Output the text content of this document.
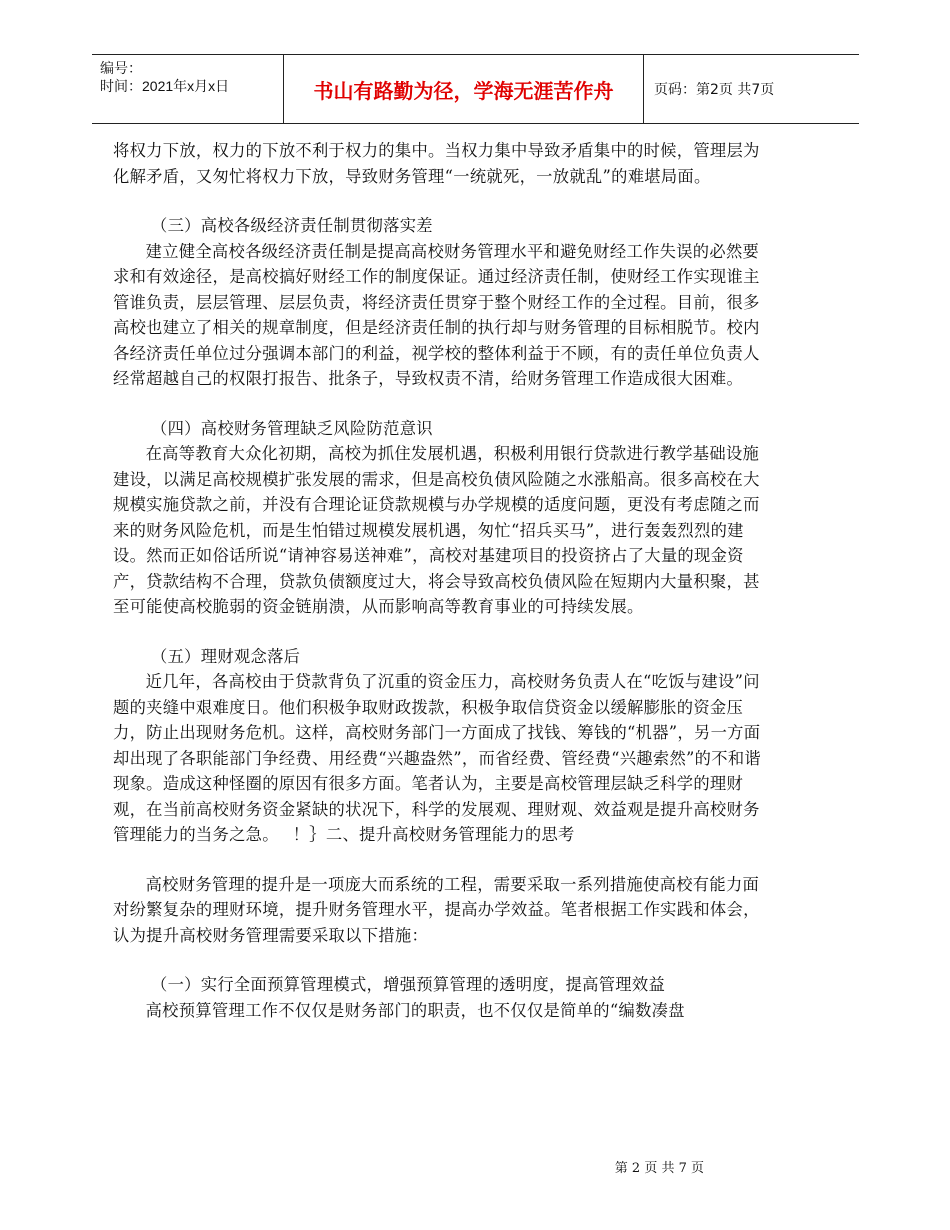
编号：
时间：2021年x月x日	书山有路勤为径，学海无涯苦作舟	页码：第2页 共7页

将权力下放，权力的下放不利于权力的集中。当权力集中导致矛盾集中的时候，管理层为化解矛盾，又匆忙将权力下放，导致财务管理“一统就死，一放就乱”的难堪局面。

（三）高校各级经济责任制贯彻落实差

建立健全高校各级经济责任制是提高高校财务管理水平和避免财经工作失误的必然要求和有效途径，是高校搞好财经工作的制度保证。通过经济责任制，使财经工作实现谁主管谁负责，层层管理、层层负责，将经济责任贯穿于整个财经工作的全过程。目前，很多高校也建立了相关的规章制度，但是经济责任制的执行却与财务管理的目标相脱节。校内各经济责任单位过分强调本部门的利益，视学校的整体利益于不顾，有的责任单位负责人经常超越自己的权限打报告、批条子，导致权责不清，给财务管理工作造成很大困难。

（四）高校财务管理缺乏风险防范意识

在高等教育大众化初期，高校为抓住发展机遇，积极利用银行贷款进行教学基础设施建设，以满足高校规模扩张发展的需求，但是高校负债风险随之水涨船高。很多高校在大规模实施贷款之前，并没有合理论证贷款规模与办学规模的适度问题，更没有考虑随之而来的财务风险危机，而是生怕错过规模发展机遇，匆忙“招兵买马”，进行轰轰烈烈的建设。然而正如俗话所说“请神容易送神难”，高校对基建项目的投资挤占了大量的现金资产，贷款结构不合理，贷款负债额度过大，将会导致高校负债风险在短期内大量积聚，甚至可能使高校脆弱的资金链崩溃，从而影响高等教育事业的可持续发展。

（五）理财观念落后

近几年，各高校由于贷款背负了沉重的资金压力，高校财务负责人在“吃饭与建设”问题的夹缝中艰难度日。他们积极争取财政拨款，积极争取信贷资金以缓解膨胀的资金压力，防止出现财务危机。这样，高校财务部门一方面成了找钱、筹钱的“机器”，另一方面却出现了各职能部门争经费、用经费“兴趣盎然”，而省经费、管经费“兴趣索然”的不和谐现象。造成这种怪圈的原因有很多方面。笔者认为，主要是高校管理层缺乏科学的理财观，在当前高校财务资金紧缺的状况下，科学的发展观、理财观、效益观是提升高校财务管理能力的当务之急。　 ！｝二、提升高校财务管理能力的思考

高校财务管理的提升是一项庞大而系统的工程，需要采取一系列措施使高校有能力面对纷繁复杂的理财环境，提升财务管理水平，提高办学效益。笔者根据工作实践和体会，认为提升高校财务管理需要采取以下措施：

（一）实行全面预算管理模式，增强预算管理的透明度，提高管理效益

高校预算管理工作不仅仅是财务部门的职责，也不仅仅是简单的“编数凑盘

第 2 页 共 7 页
